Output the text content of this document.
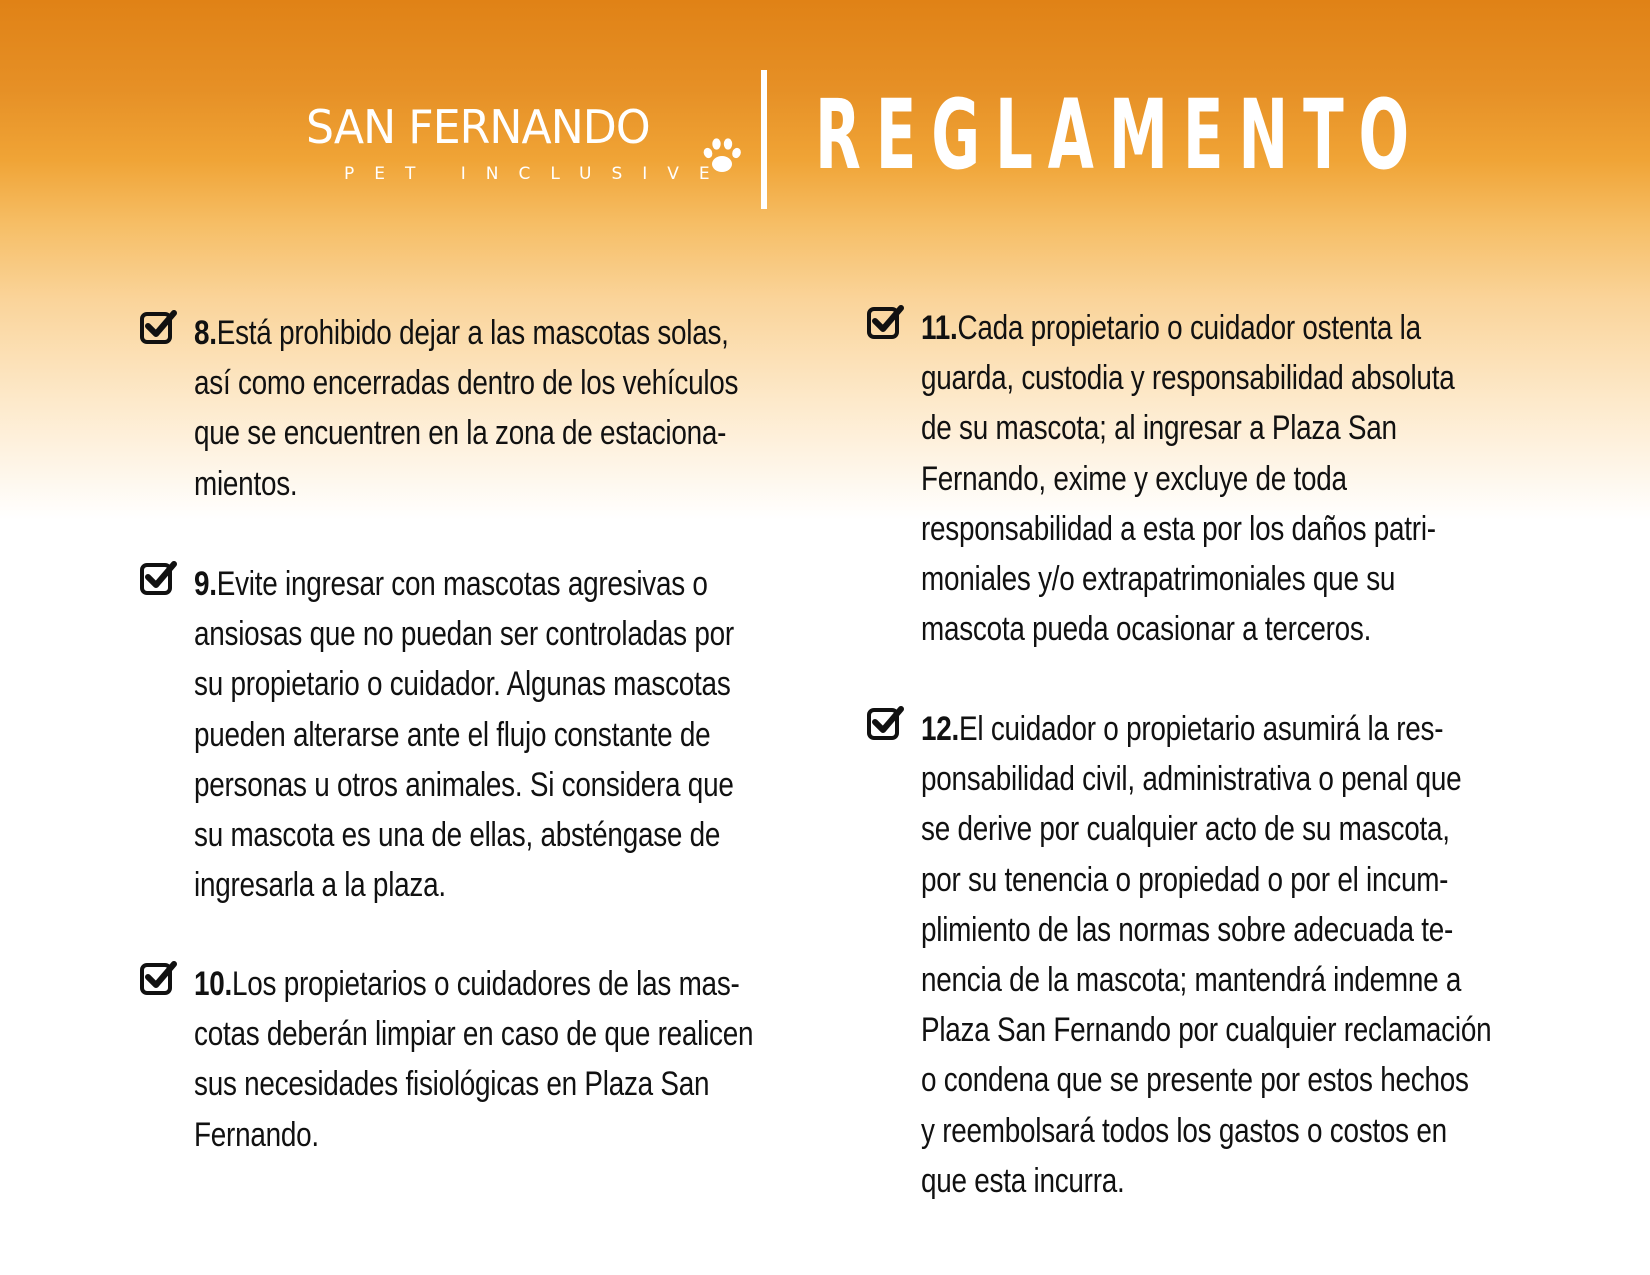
SAN FERNANDO
PET INCLUSIVE REGLAMENTO
8.Está prohibido dejar a las mascotas solas,
así como encerradas dentro de los vehículos
que se encuentren en la zona de estaciona-
mientos.
9.Evite ingresar con mascotas agresivas o
ansiosas que no puedan ser controladas por
su propietario o cuidador. Algunas mascotas
pueden alterarse ante el flujo constante de
personas u otros animales. Si considera que
su mascota es una de ellas, absténgase de
ingresarla a la plaza.
10.Los propietarios o cuidadores de las mas-
cotas deberán limpiar en caso de que realicen
sus necesidades fisiológicas en Plaza San
Fernando.
11.Cada propietario o cuidador ostenta la
guarda, custodia y responsabilidad absoluta
de su mascota; al ingresar a Plaza San
Fernando, exime y excluye de toda
responsabilidad a esta por los daños patri-
moniales y/o extrapatrimoniales que su
mascota pueda ocasionar a terceros.
12.El cuidador o propietario asumirá la res-
ponsabilidad civil, administrativa o penal que
se derive por cualquier acto de su mascota,
por su tenencia o propiedad o por el incum-
plimiento de las normas sobre adecuada te-
nencia de la mascota; mantendrá indemne a
Plaza San Fernando por cualquier reclamación
o condena que se presente por estos hechos
y reembolsará todos los gastos o costos en
que esta incurra.
